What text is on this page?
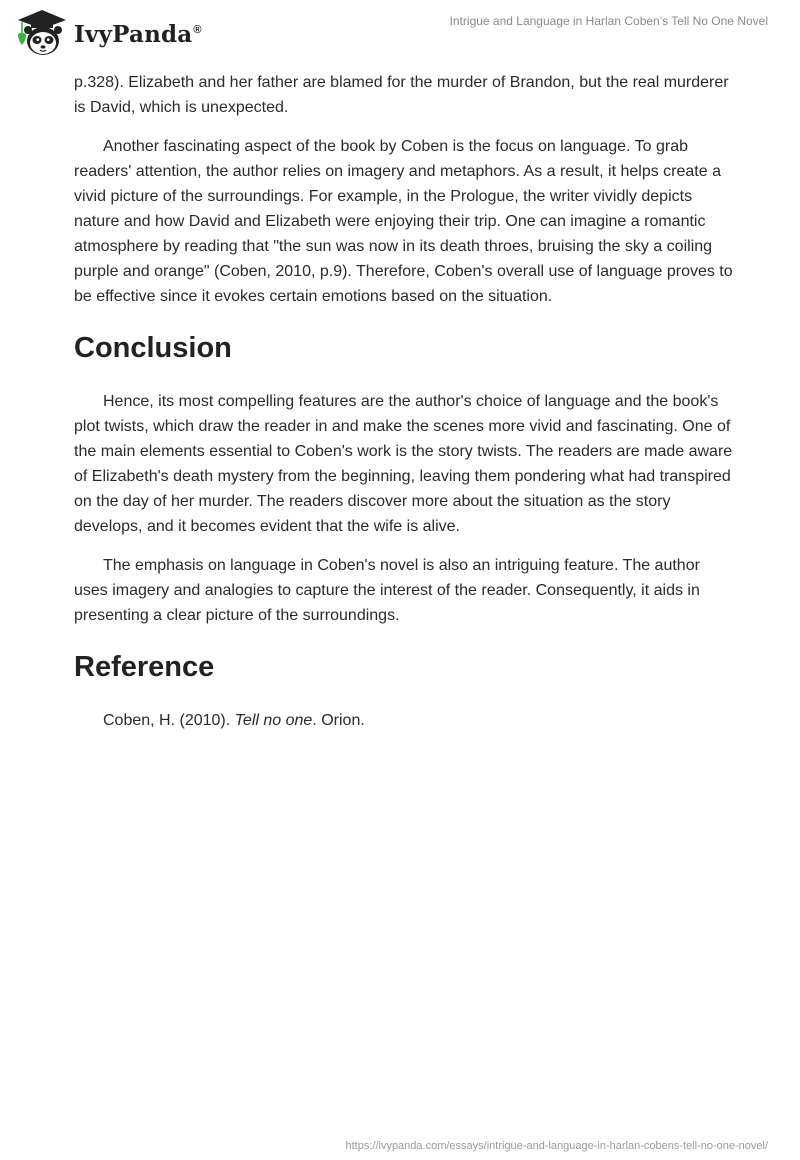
IvyPanda®
Intrigue and Language in Harlan Coben’s Tell No One Novel

p.328). Elizabeth and her father are blamed for the murder of Brandon, but the real murderer is David, which is unexpected.

Another fascinating aspect of the book by Coben is the focus on language. To grab readers' attention, the author relies on imagery and metaphors. As a result, it helps create a vivid picture of the surroundings. For example, in the Prologue, the writer vividly depicts nature and how David and Elizabeth were enjoying their trip. One can imagine a romantic atmosphere by reading that "the sun was now in its death throes, bruising the sky a coiling purple and orange" (Coben, 2010, p.9). Therefore, Coben's overall use of language proves to be effective since it evokes certain emotions based on the situation.

Conclusion

Hence, its most compelling features are the author's choice of language and the book's plot twists, which draw the reader in and make the scenes more vivid and fascinating. One of the main elements essential to Coben's work is the story twists. The readers are made aware of Elizabeth's death mystery from the beginning, leaving them pondering what had transpired on the day of her murder. The readers discover more about the situation as the story develops, and it becomes evident that the wife is alive.

The emphasis on language in Coben's novel is also an intriguing feature. The author uses imagery and analogies to capture the interest of the reader. Consequently, it aids in presenting a clear picture of the surroundings.

Reference

Coben, H. (2010). Tell no one. Orion.

https://ivypanda.com/essays/intrigue-and-language-in-harlan-cobens-tell-no-one-novel/
